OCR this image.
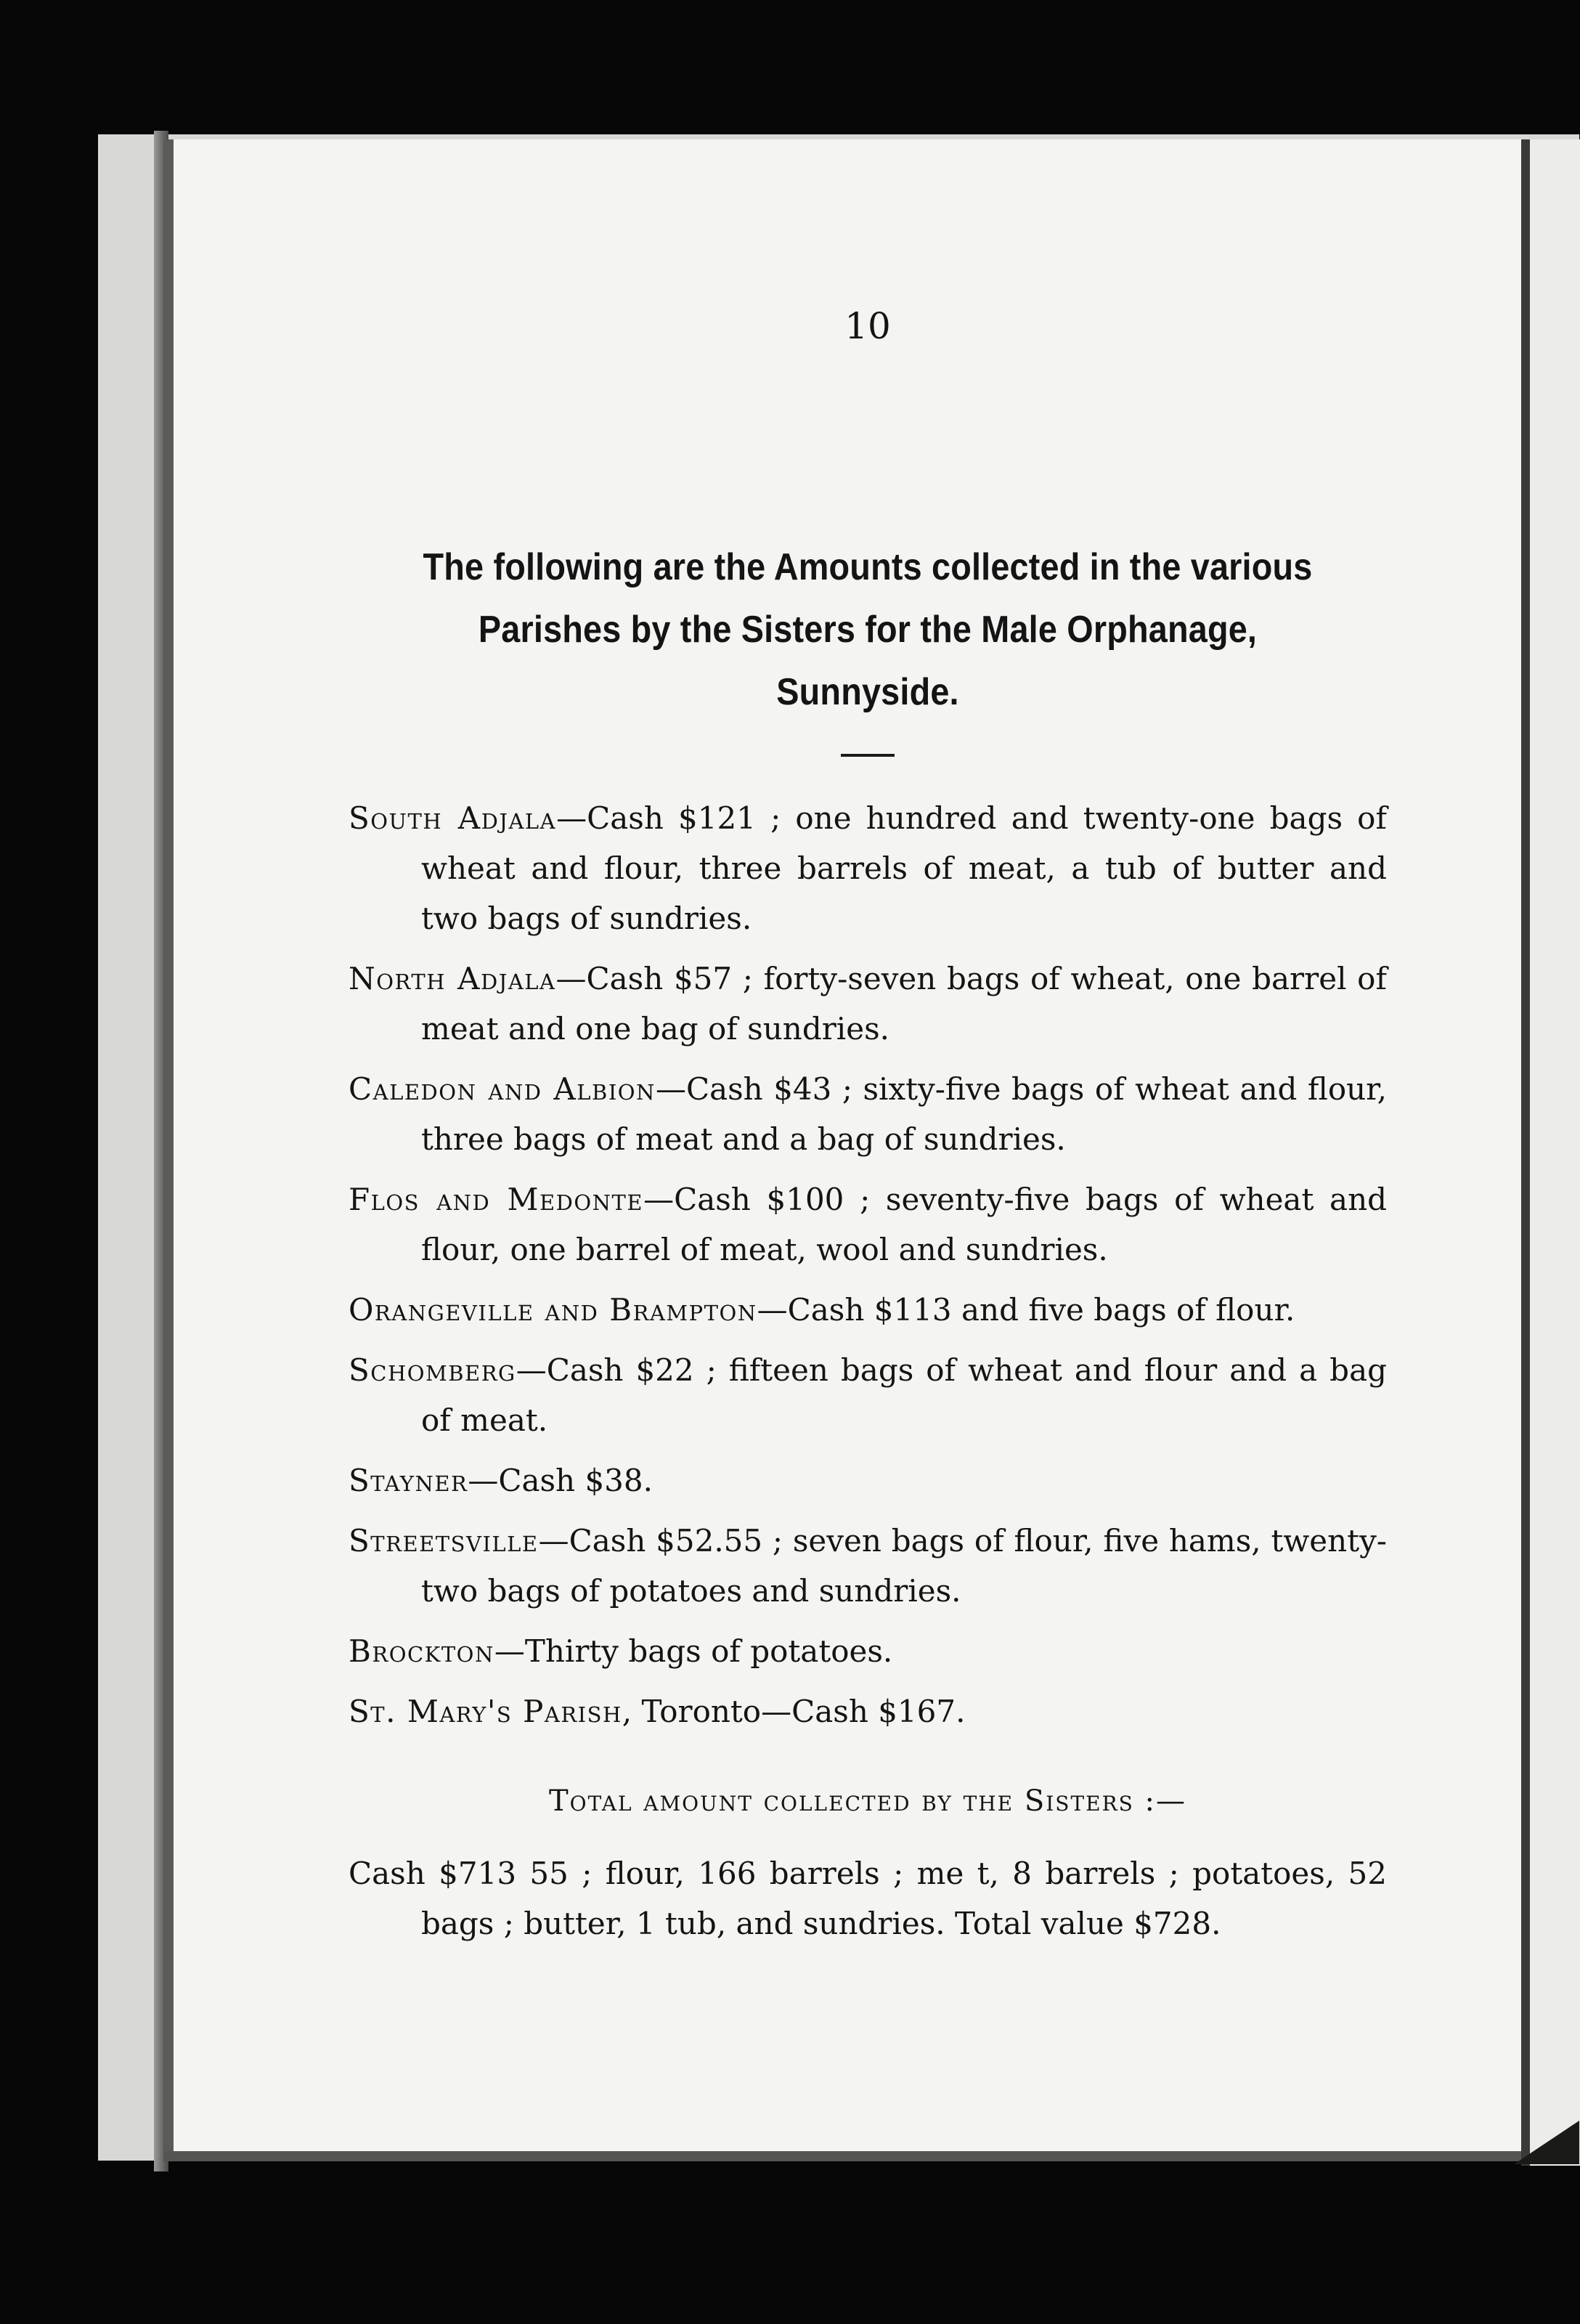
10
The following are the Amounts collected in the various
Parishes by the Sisters for the Male Orphanage,
Sunnyside.

South Adjala—Cash $121 ; one hundred and twenty-one bags of wheat and flour, three barrels of meat, a tub of butter and two bags of sundries.

North Adjala—Cash $57 ; forty-seven bags of wheat, one barrel of meat and one bag of sundries.

Caledon and Albion—Cash $43 ; sixty-five bags of wheat and flour, three bags of meat and a bag of sundries.

Flos and Medonte—Cash $100 ; seventy-five bags of wheat and flour, one barrel of meat, wool and sundries.

Orangeville and Brampton—Cash $113 and five bags of flour.

Schomberg—Cash $22 ; fifteen bags of wheat and flour and a bag of meat.

Stayner—Cash $38.

Streetsville—Cash $52.55 ; seven bags of flour, five hams, twenty-two bags of potatoes and sundries.

Brockton—Thirty bags of potatoes.

St. Mary's Parish, Toronto—Cash $167.

Total amount collected by the Sisters :—

Cash $713 55 ; flour, 166 barrels ; me t, 8 barrels ; potatoes, 52 bags ; butter, 1 tub, and sundries. Total value $728.
